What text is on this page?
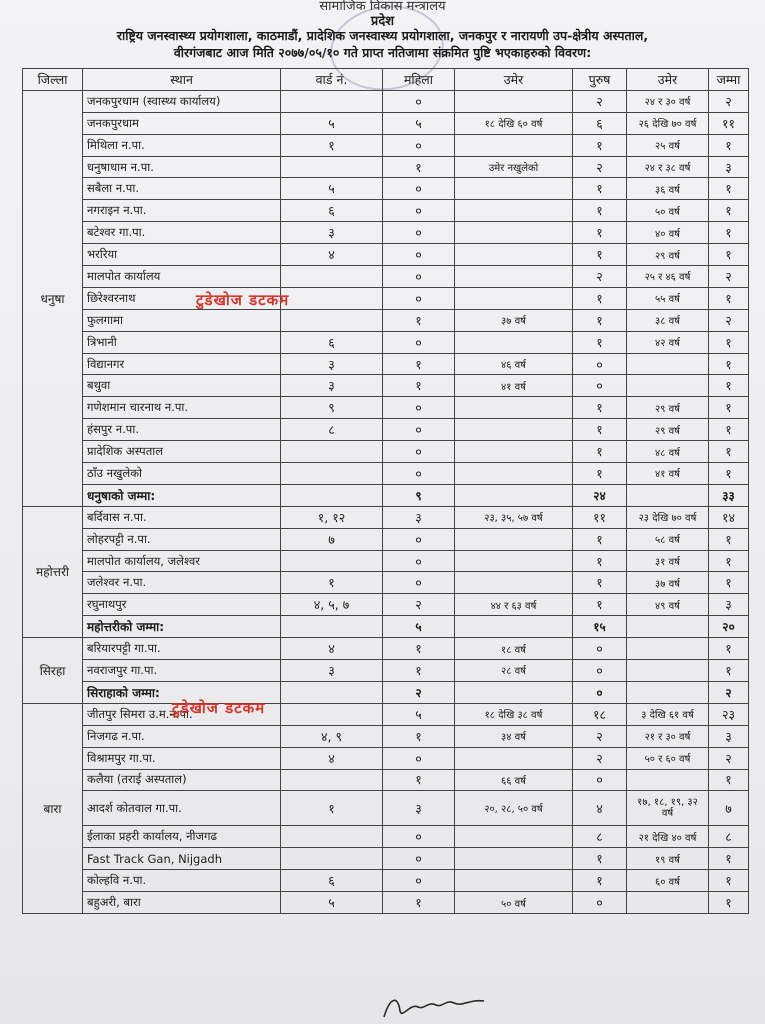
सामाजिक विकास मन्त्रालय
प्रदेश
राष्ट्रिय जनस्वास्थ्य प्रयोगशाला, काठमाडौं, प्रादेशिक जनस्वास्थ्य प्रयोगशाला, जनकपुर र नारायणी उप-क्षेत्रीय अस्पताल,
वीरगंजबाट आज मिति २०७७/०५/१० गते प्राप्त नतिजामा संक्रमित पुष्टि भएकाहरुको विवरण:
जिल्ला	स्थान	वार्ड नं.	महिला	उमेर	पुरुष	उमेर	जम्मा
धनुषा	जनकपुरधाम (स्वास्थ्य कार्यालय)		०		२	२४ र ३० वर्ष	२
	जनकपुरधाम	५	५	१८ देखि ६० वर्ष	६	२६ देखि ७० वर्ष	११
	मिथिला न.पा.	१	०		१	२५ वर्ष	१
	धनुषाधाम न.पा.		१	उमेर नखुलेको	२	२४ र ३८ वर्ष	३
	सबैला न.पा.	५	०		१	३६ वर्ष	१
	नगराइन न.पा.	६	०		१	५० वर्ष	१
	बटेश्वर गा.पा.	३	०		१	४० वर्ष	१
	भररिया	४	०		१	२९ वर्ष	१
	मालपोत कार्यालय		०		२	२५ र ४६ वर्ष	२
	छिरेश्वरनाथ		०		१	५५ वर्ष	१
	फुलगामा		१	३७ वर्ष	१	३८ वर्ष	२
	त्रिभानी	६	०		१	४२ वर्ष	१
	विद्यानगर	३	१	४६ वर्ष	०		१
	बथुवा	३	१	४१ वर्ष	०		१
	गणेशमान चारनाथ न.पा.	९	०		१	२९ वर्ष	१
	हंसपुर न.पा.	८	०		१	२९ वर्ष	१
	प्रादेशिक अस्पताल		०		१	४८ वर्ष	१
	ठाँउ नखुलेको		०		१	४१ वर्ष	१
	धनुषाको जम्मा:		९		२४		३३
महोत्तरी	बर्दिवास न.पा.	१, १२	३	२३, ३५, ५७ वर्ष	११	२३ देखि ७० वर्ष	१४
	लोहरपट्टी न.पा.	७	०		१	५८ वर्ष	१
	मालपोत कार्यालय, जलेश्वर		०		१	३१ वर्ष	१
	जलेश्वर न.पा.	१	०		१	३७ वर्ष	१
	रघुनाथपुर	४, ५, ७	२	४४ र ६३ वर्ष	१	४९ वर्ष	३
	महोत्तरीको जम्मा:		५		१५		२०
सिरहा	बरियारपट्टी गा.पा.	४	१	१८ वर्ष	०		१
	नवराजपुर गा.पा.	३	१	२८ वर्ष	०		१
	सिराहाको जम्मा:		२		०		२
बारा	जीतपुर सिमरा उ.म.न.पा.		५	१८ देखि ३८ वर्ष	१८	३ देखि ६१ वर्ष	२३
	निजगढ न.पा.	४, ९	१	३४ वर्ष	२	२१ र ३० वर्ष	३
	विश्रामपुर गा.पा.	४	०		२	५० र ६० वर्ष	२
	कलैया (तराई अस्पताल)		१	६६ वर्ष	०		१
	आदर्श कोतवाल गा.पा.	१	३	२०, २८, ५० वर्ष	४	१७, १८, १९, ३२ वर्ष	७
	ईलाका प्रहरी कार्यालय, नीजगढ		०		८	२१ देखि ४० वर्ष	८
	Fast Track Gan, Nijgadh		०		१	१९ वर्ष	१
	कोल्हवि न.पा.	६	०		१	६० वर्ष	१
	बहुअरी, बारा	५	१	५० वर्ष	०		१
टुडेखोज डटकम
टुडेखोज डटकम
